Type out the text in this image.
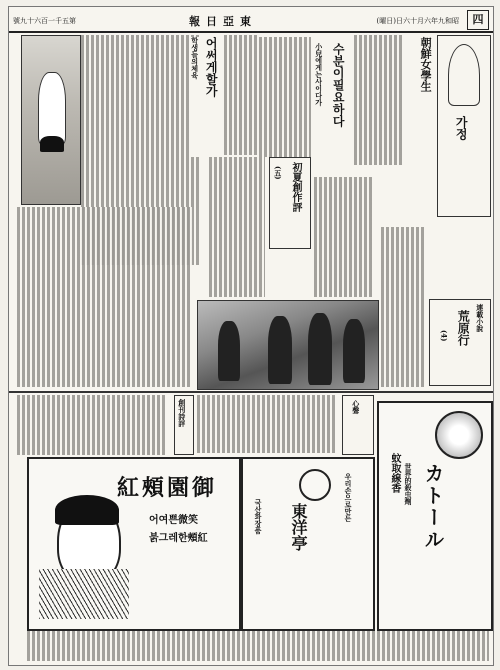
號九十六百一千五第	報日亞東	(曜日)日六十月六年九和昭	四
어써게할가
학생들의체육	수분이필요하다
小兒에게는사이다가
初夏創作評
(五)
朝鮮女學生
가정
連載小說
荒原行
(4)
創刊詩評	心聲
紅頰園御
어여쁜微笑
붉그레한頰紅	東洋亭
우리손으로만든
국산화장품
蚊取線香 カトール
世界的殺虫劑
